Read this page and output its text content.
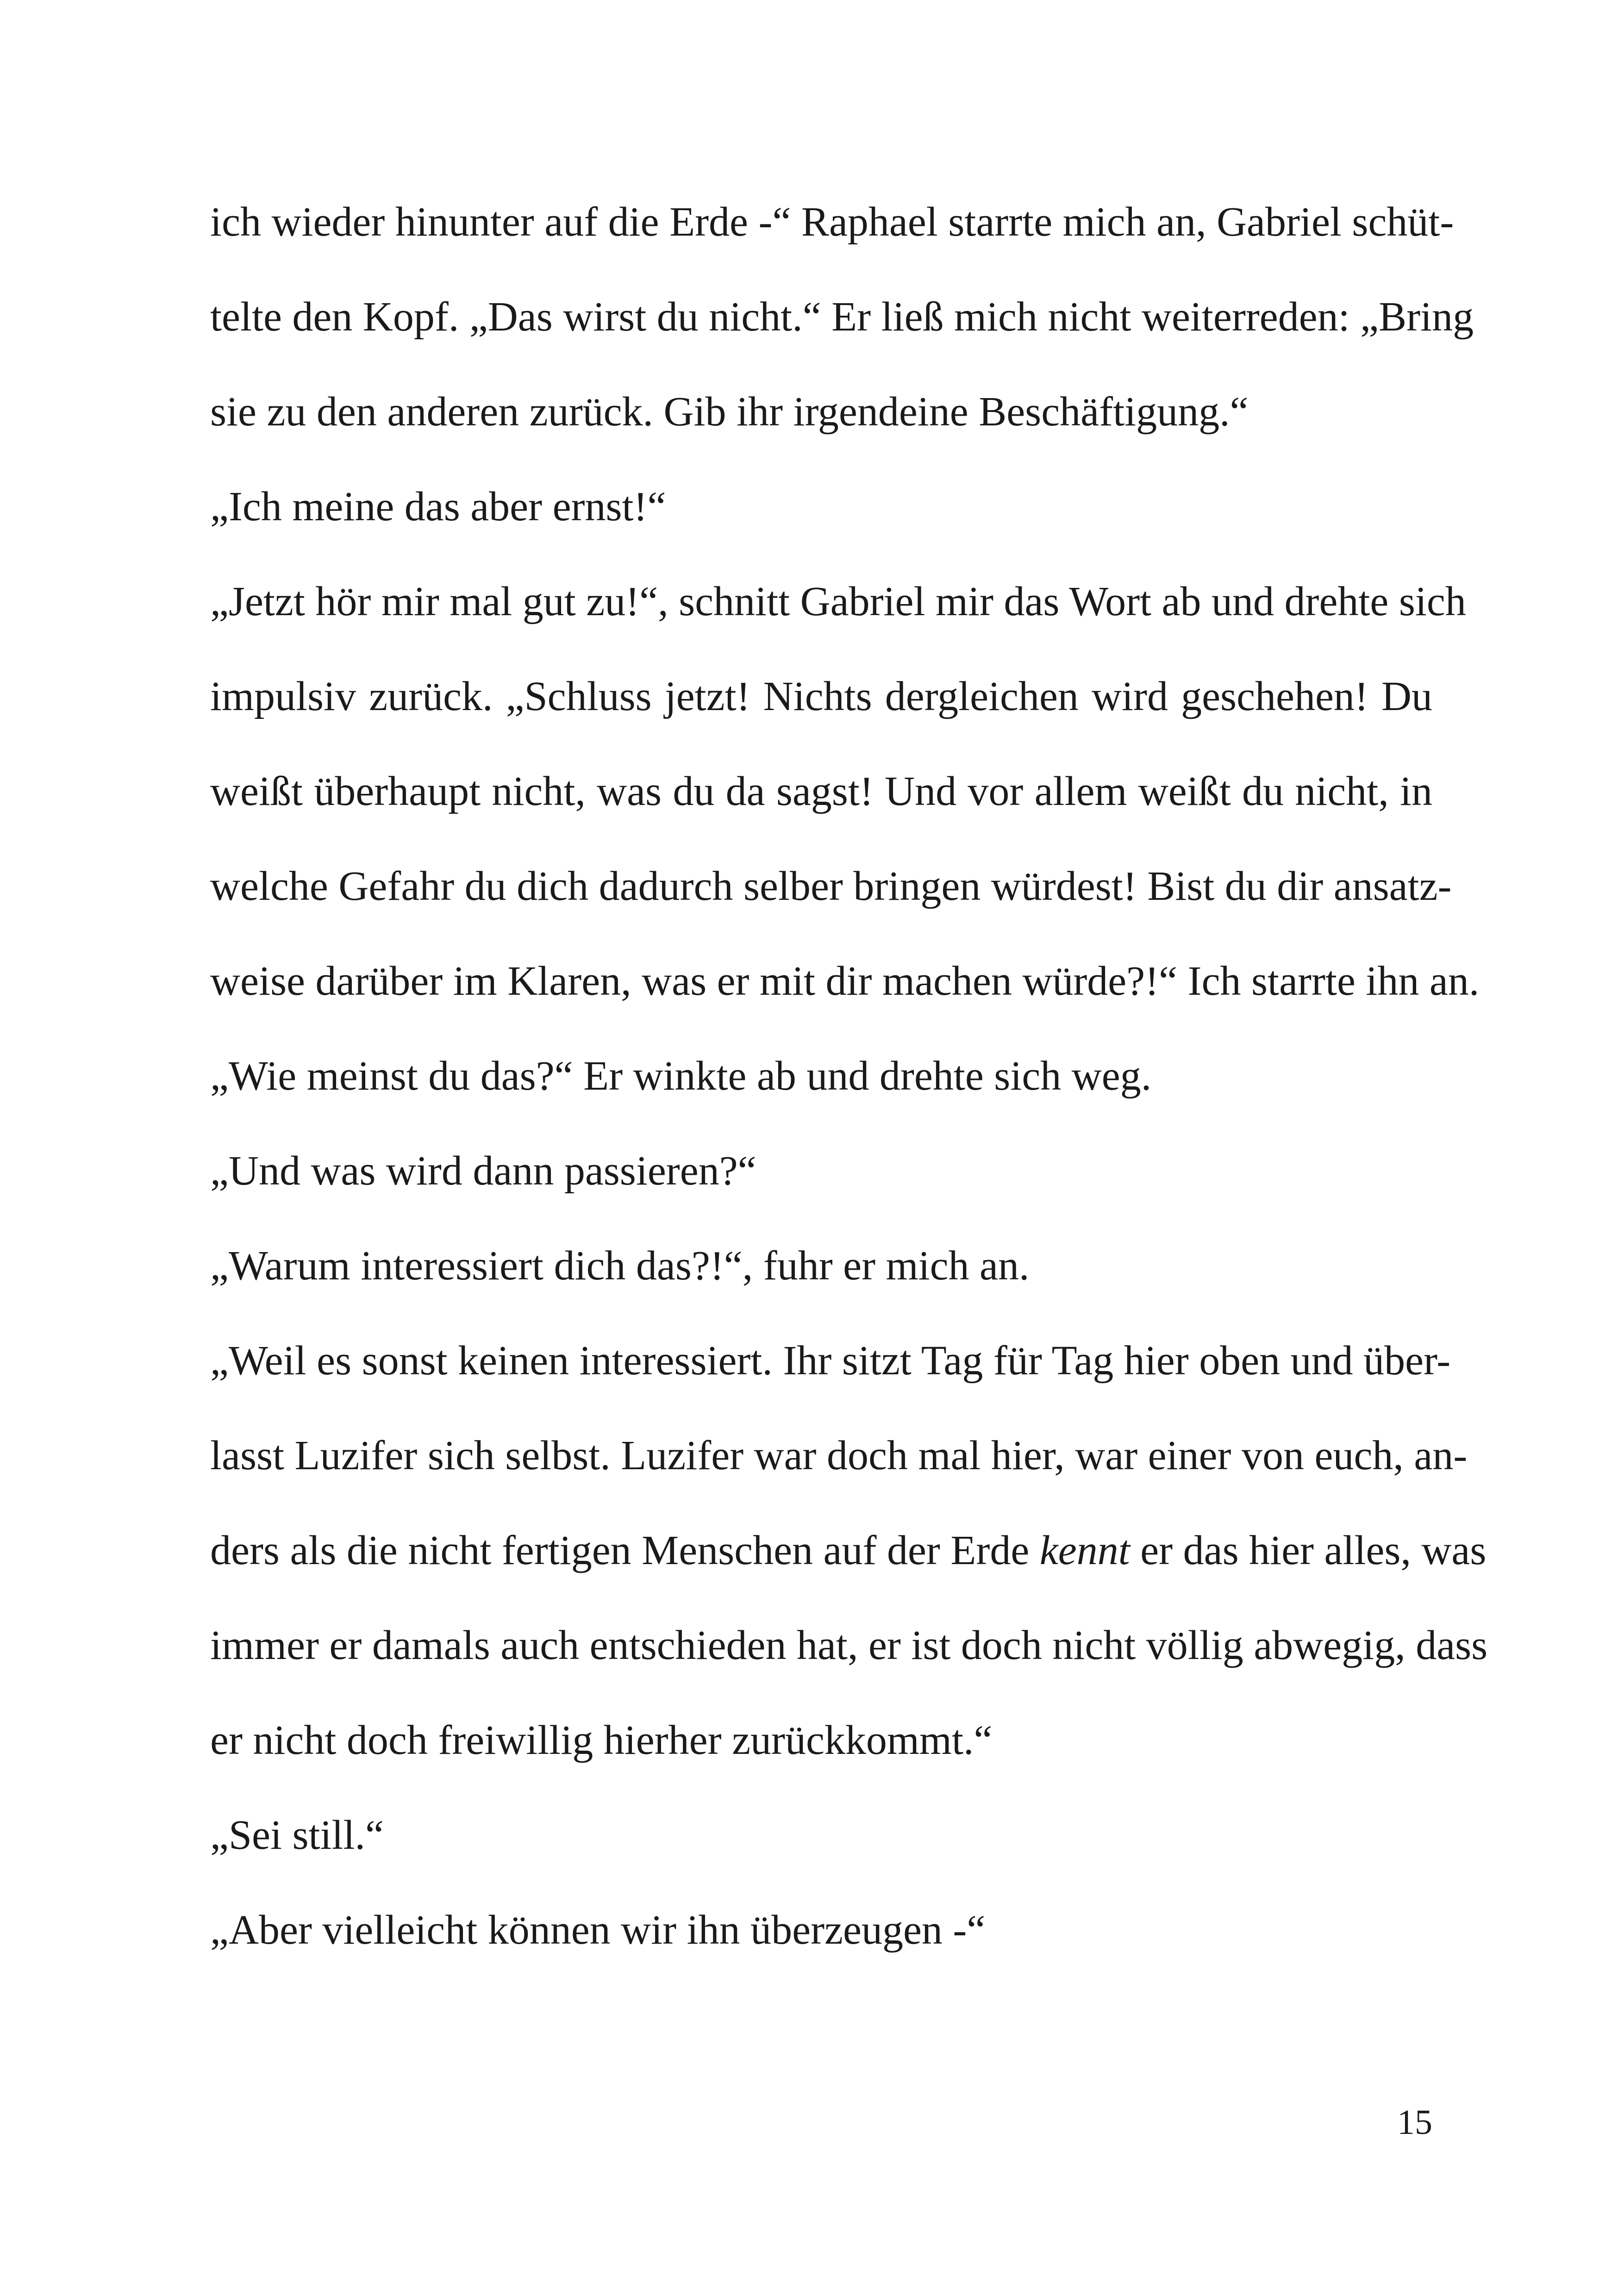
ich wieder hinunter auf die Erde -“ Raphael starrte mich an, Gabriel schüt-
telte den Kopf. „Das wirst du nicht.“ Er ließ mich nicht weiterreden: „Bring
sie zu den anderen zurück. Gib ihr irgendeine Beschäftigung.“
„Ich meine das aber ernst!“
„Jetzt hör mir mal gut zu!“, schnitt Gabriel mir das Wort ab und drehte sich
impulsiv zurück. „Schluss jetzt! Nichts dergleichen wird geschehen! Du
weißt überhaupt nicht, was du da sagst! Und vor allem weißt du nicht, in
welche Gefahr du dich dadurch selber bringen würdest! Bist du dir ansatz-
weise darüber im Klaren, was er mit dir machen würde?!“ Ich starrte ihn an.
„Wie meinst du das?“ Er winkte ab und drehte sich weg.
„Und was wird dann passieren?“
„Warum interessiert dich das?!“, fuhr er mich an.
„Weil es sonst keinen interessiert. Ihr sitzt Tag für Tag hier oben und über-
lasst Luzifer sich selbst. Luzifer war doch mal hier, war einer von euch, an-
ders als die nicht fertigen Menschen auf der Erde kennt er das hier alles, was
immer er damals auch entschieden hat, er ist doch nicht völlig abwegig, dass
er nicht doch freiwillig hierher zurückkommt.“
„Sei still.“
„Aber vielleicht können wir ihn überzeugen -“
15
